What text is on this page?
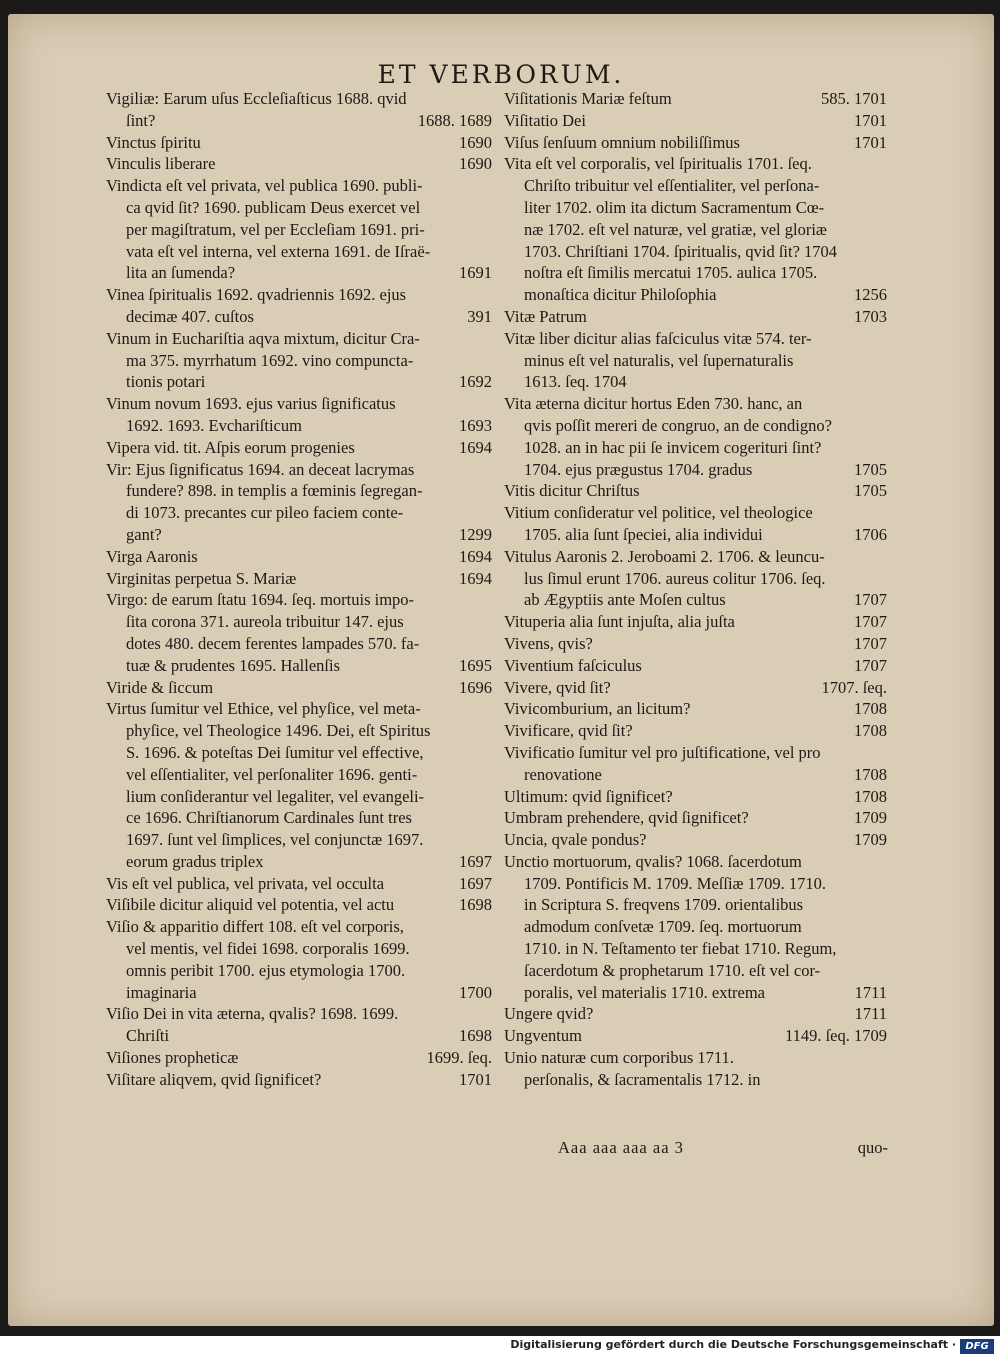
ET VERBORUM.
Vigiliæ: Earum uſus Eccleſiaſticus 1688. qvid
ſint?	1688. 1689
Vinctus ſpiritu	1690
Vinculis liberare	1690
Vindicta eſt vel privata, vel publica 1690. publi-
ca qvid ſit? 1690. publicam Deus exercet vel
per magiſtratum, vel per Eccleſiam 1691. pri-
vata eſt vel interna, vel externa 1691. de Iſraë-
lita an ſumenda?	1691
Vinea ſpiritualis 1692. qvadriennis 1692. ejus
decimæ 407. cuſtos	391
Vinum in Euchariſtia aqva mixtum, dicitur Cra-
ma 375. myrrhatum 1692. vino compuncta-
tionis potari	1692
Vinum novum 1693. ejus varius ſignificatus
1692. 1693. Evchariſticum	1693
Vipera vid. tit. Aſpis eorum progenies	1694
Vir: Ejus ſignificatus 1694. an deceat lacrymas
fundere? 898. in templis a fœminis ſegregan-
di 1073. precantes cur pileo faciem conte-
gant?	1299
Virga Aaronis	1694
Virginitas perpetua S. Mariæ	1694
Virgo: de earum ſtatu 1694. ſeq. mortuis impo-
ſita corona 371. aureola tribuitur 147. ejus
dotes 480. decem ferentes lampades 570. fa-
tuæ & prudentes 1695. Hallenſis	1695
Viride & ſiccum	1696
Virtus ſumitur vel Ethice, vel phyſice, vel meta-
phyſice, vel Theologice 1496. Dei, eſt Spiritus
S. 1696. & poteſtas Dei ſumitur vel effective,
vel eſſentialiter, vel perſonaliter 1696. genti-
lium conſiderantur vel legaliter, vel evangeli-
ce 1696. Chriſtianorum Cardinales ſunt tres
1697. ſunt vel ſimplices, vel conjunctæ 1697.
eorum gradus triplex	1697
Vis eſt vel publica, vel privata, vel occulta	1697
Viſibile dicitur aliquid vel potentia, vel actu	1698
Viſio & apparitio differt 108. eſt vel corporis,
vel mentis, vel fidei 1698. corporalis 1699.
omnis peribit 1700. ejus etymologia 1700.
imaginaria	1700
Viſio Dei in vita æterna, qvalis? 1698. 1699.
Chriſti	1698
Viſiones propheticæ	1699. ſeq.
Viſitare aliqvem, qvid ſignificet?	1701
Viſitationis Mariæ feſtum	585. 1701
Viſitatio Dei	1701
Viſus ſenſuum omnium nobiliſſimus	1701
Vita eſt vel corporalis, vel ſpiritualis 1701. ſeq.
Chriſto tribuitur vel eſſentialiter, vel perſona-
liter 1702. olim ita dictum Sacramentum Cœ-
næ 1702. eſt vel naturæ, vel gratiæ, vel gloriæ
1703. Chriſtiani 1704. ſpiritualis, qvid ſit? 1704
noſtra eſt ſimilis mercatui 1705. aulica 1705.
monaſtica dicitur Philoſophia	1256
Vitæ Patrum	1703
Vitæ liber dicitur alias faſciculus vitæ 574. ter-
minus eſt vel naturalis, vel ſupernaturalis
1613. ſeq. 1704
Vita æterna dicitur hortus Eden 730. hanc, an
qvis poſſit mereri de congruo, an de condigno?
1028. an in hac pii ſe invicem cogerituri ſint?
1704. ejus prægustus 1704. gradus	1705
Vitis dicitur Chriſtus	1705
Vitium conſideratur vel politice, vel theologice
1705. alia ſunt ſpeciei, alia individui	1706
Vitulus Aaronis 2. Jeroboami 2. 1706. & leuncu-
lus ſimul erunt 1706. aureus colitur 1706. ſeq.
ab Ægyptiis ante Moſen cultus	1707
Vituperia alia ſunt injuſta, alia juſta	1707
Vivens, qvis?	1707
Viventium faſciculus	1707
Vivere, qvid ſit?	1707. ſeq.
Vivicomburium, an licitum?	1708
Vivificare, qvid ſit?	1708
Vivificatio ſumitur vel pro juſtificatione, vel pro
renovatione	1708
Ultimum: qvid ſignificet?	1708
Umbram prehendere, qvid ſignificet?	1709
Uncia, qvale pondus?	1709
Unctio mortuorum, qvalis? 1068. ſacerdotum
1709. Pontificis M. 1709. Meſſiæ 1709. 1710.
in Scriptura S. freqvens 1709. orientalibus
admodum conſvetæ 1709. ſeq. mortuorum
1710. in N. Teſtamento ter fiebat 1710. Regum,
ſacerdotum & prophetarum 1710. eſt vel cor-
poralis, vel materialis 1710. extrema	1711
Ungere qvid?	1711
Ungventum	1149. ſeq. 1709
Unio naturæ cum corporibus 1711.
perſonalis, & ſacramentalis 1712. in
Aaa aaa aaa aa 3	quo-
Digitalisierung gefördert durch die Deutsche Forschungsgemeinschaft · DFG
